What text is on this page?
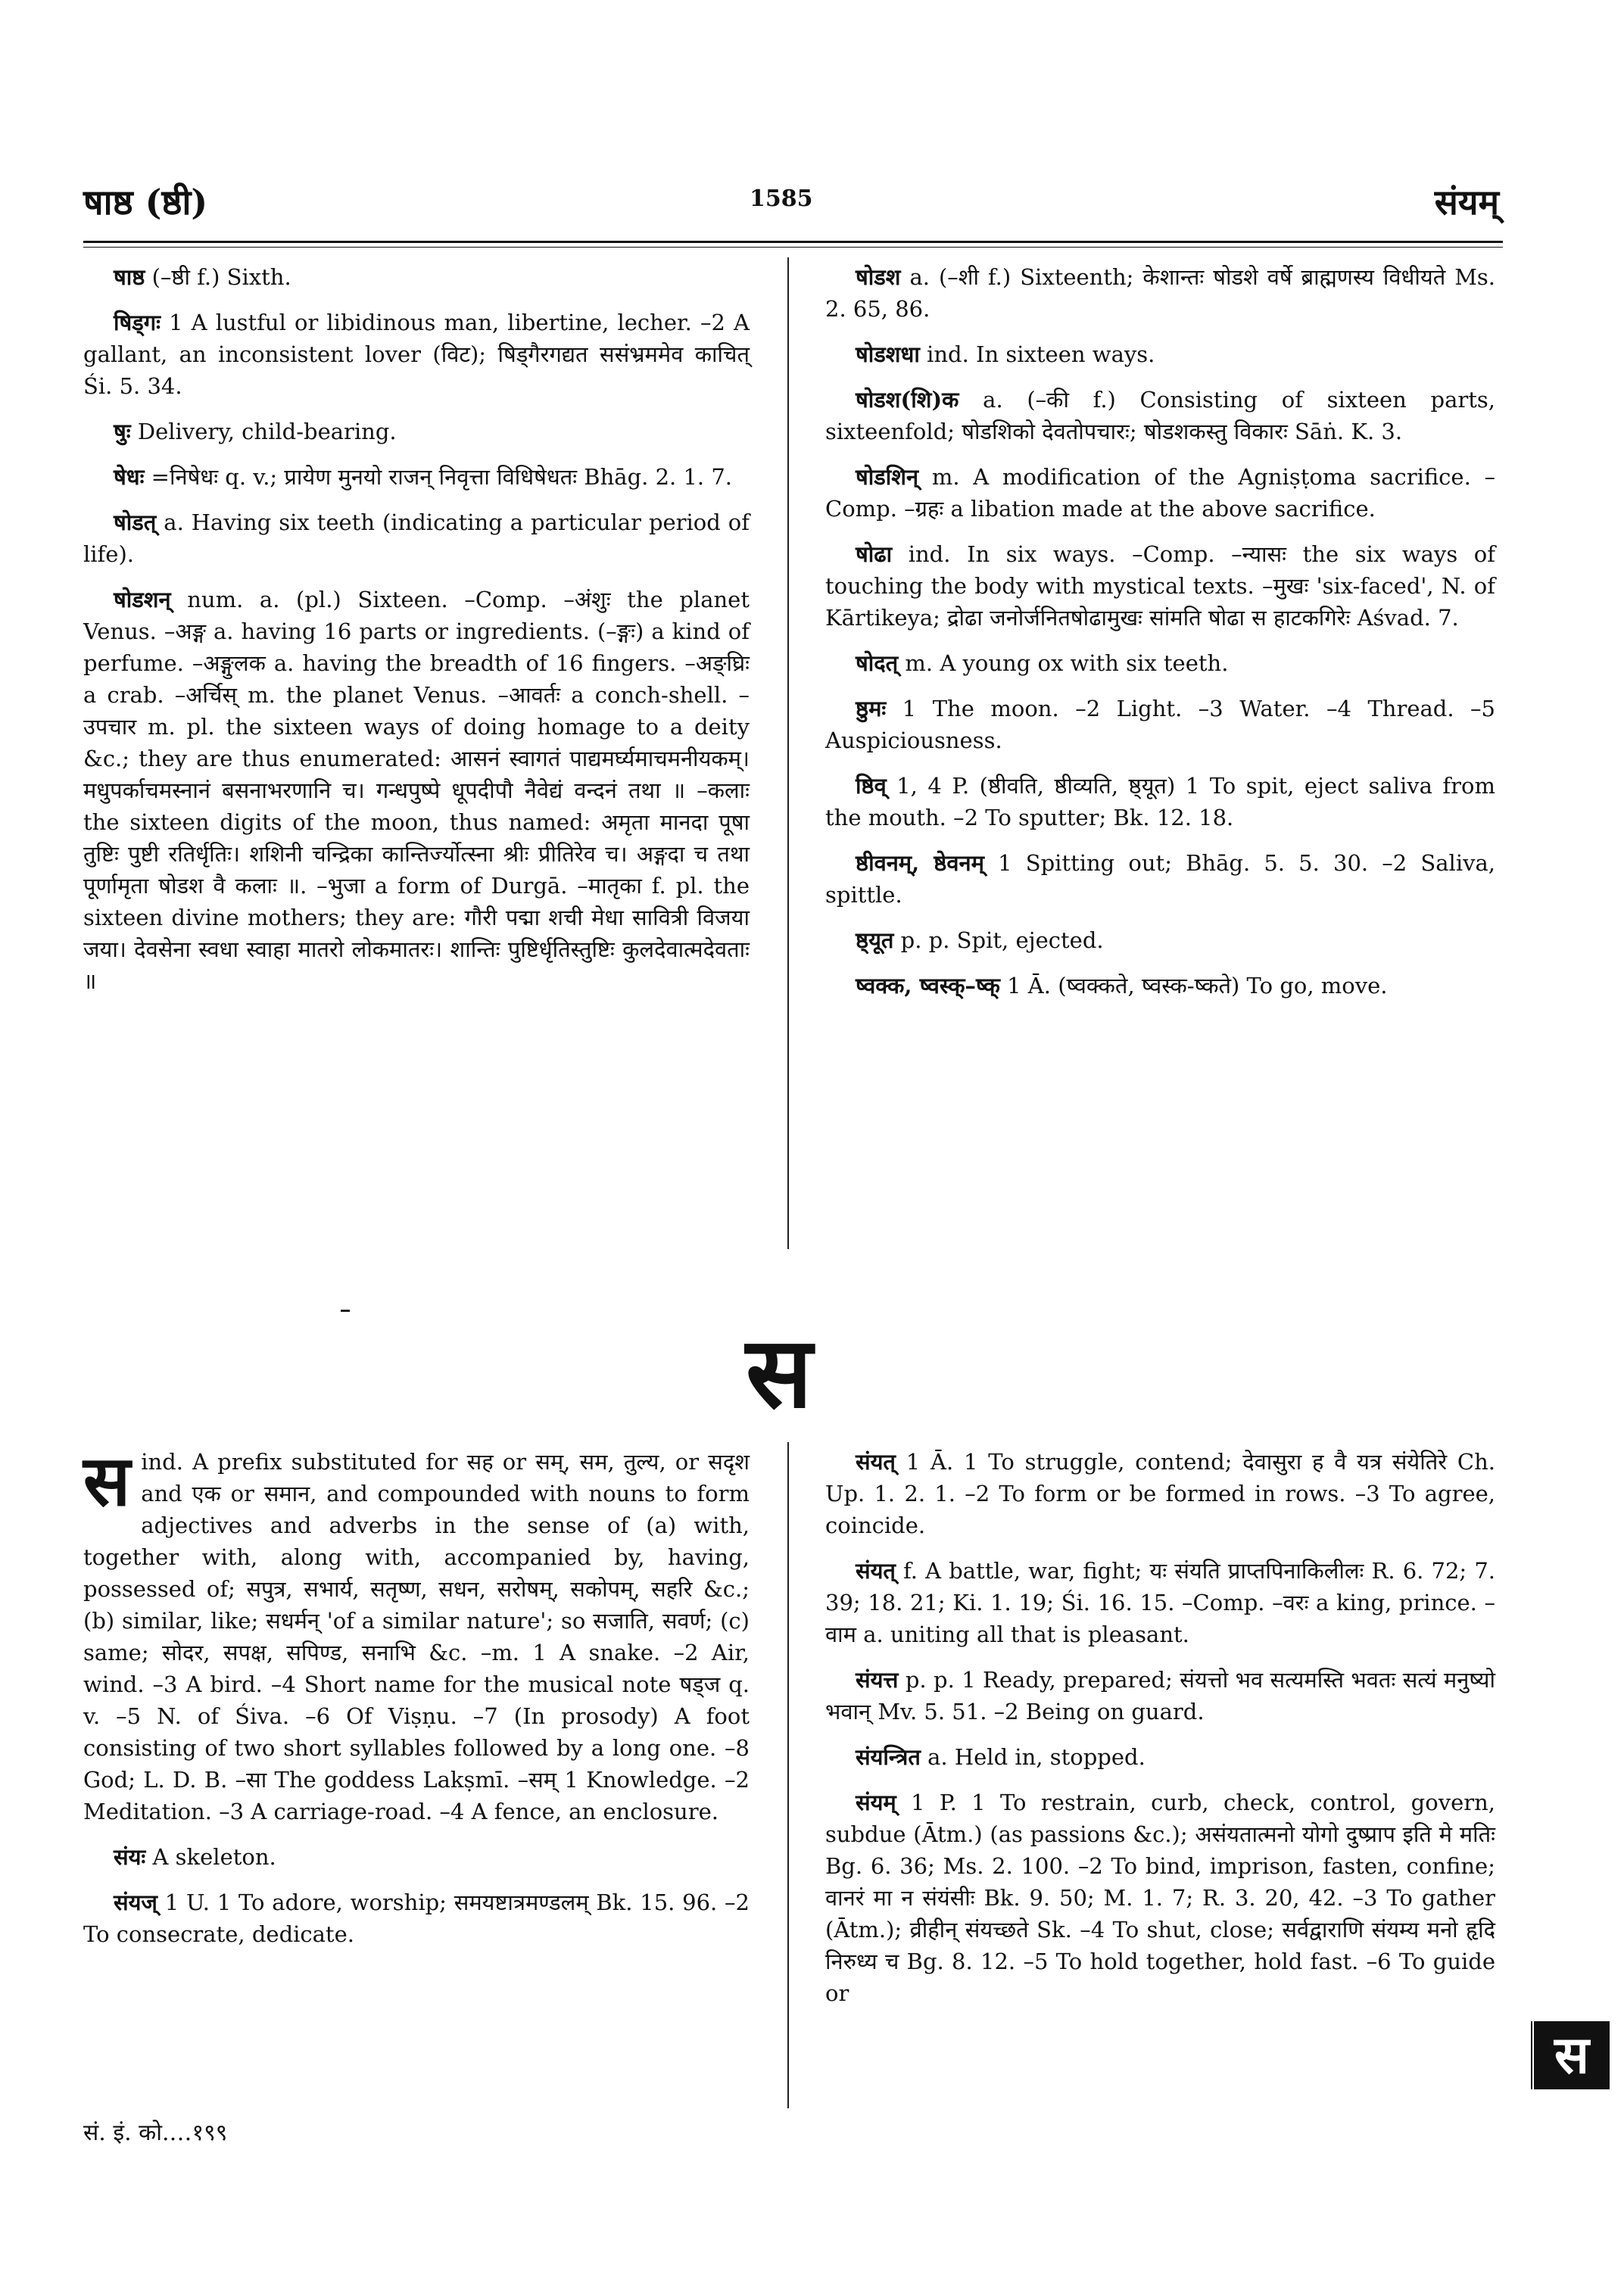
षाष्ठ (ष्ठी)	1585	संयम्

षाष्ठ (–ष्ठी f.) Sixth.

षिड्गः 1 A lustful or libidinous man, libertine, lecher. –2 A gallant, an inconsistent lover (विट); षिड्गैरगद्यत ससंभ्रममेव काचित् Śi. 5. 34.

षुः Delivery, child-bearing.

षेधः =निषेधः q. v.; प्रायेण मुनयो राजन् निवृत्ता विधिषेधतः Bhāg. 2. 1. 7.

षोडत् a. Having six teeth (indicating a particular period of life).

षोडशन् num. a. (pl.) Sixteen. –Comp. –अंशुः the planet Venus. –अङ्ग a. having 16 parts or ingredients. (–ङ्गः) a kind of perfume. –अङ्गुलक a. having the breadth of 16 fingers. –अङ्घ्रिः a crab. –अर्चिस् m. the planet Venus. –आवर्तः a conch-shell. –उपचार m. pl. the sixteen ways of doing homage to a deity &c.; they are thus enumerated: आसनं स्वागतं पाद्यमर्घ्यमाचमनीयकम्। मधुपर्काचमस्नानं बसनाभरणानि च। गन्धपुष्पे धूपदीपौ नैवेद्यं वन्दनं तथा ॥ –कलाः the sixteen digits of the moon, thus named: अमृता मानदा पूषा तुष्टिः पुष्टी रतिर्धृतिः। शशिनी चन्द्रिका कान्तिर्ज्योत्स्ना श्रीः प्रीतिरेव च। अङ्गदा च तथा पूर्णामृता षोडश वै कलाः ॥. –भुजा a form of Durgā. –मातृका f. pl. the sixteen divine mothers; they are: गौरी पद्मा शची मेधा सावित्री विजया जया। देवसेना स्वधा स्वाहा मातरो लोकमातरः। शान्तिः पुष्टिर्धृतिस्तुष्टिः कुलदेवात्मदेवताः ॥

षोडश a. (–शी f.) Sixteenth; केशान्तः षोडशे वर्षे ब्राह्मणस्य विधीयते Ms. 2. 65, 86.

षोडशधा ind. In sixteen ways.

षोडश(शि)क a. (–की f.) Consisting of sixteen parts, sixteenfold; षोडशिको देवतोपचारः; षोडशकस्तु विकारः Sāṅ. K. 3.

षोडशिन् m. A modification of the Agniṣṭoma sacrifice. –Comp. –ग्रहः a libation made at the above sacrifice.

षोढा ind. In six ways. –Comp. –न्यासः the six ways of touching the body with mystical texts. –मुखः 'six-faced', N. of Kārtikeya; द्रोढा जनोर्जनितषोढामुखः सांमति षोढा स हाटकगिरेः Aśvad. 7.

षोदत् m. A young ox with six teeth.

ष्ठुमः 1 The moon. –2 Light. –3 Water. –4 Thread. –5 Auspiciousness.

ष्ठिव् 1, 4 P. (ष्ठीवति, ष्ठीव्यति, ष्ठ्यूत) 1 To spit, eject saliva from the mouth. –2 To sputter; Bk. 12. 18.

ष्ठीवनम्, ष्ठेवनम् 1 Spitting out; Bhāg. 5. 5. 30. –2 Saliva, spittle.

ष्ठ्यूत p. p. Spit, ejected.

ष्वक्क, ष्वस्क्–ष्क् 1 Ā. (ष्वक्कते, ष्वस्क-ष्कते) To go, move.

स

स ind. A prefix substituted for सह or सम्, सम, तुल्य, or सदृश and एक or समान, and compounded with nouns to form adjectives and adverbs in the sense of (a) with, together with, along with, accompanied by, having, possessed of; सपुत्र, सभार्य, सतृष्ण, सधन, सरोषम्, सकोपम्, सहरि &c.; (b) similar, like; सधर्मन् 'of a similar nature'; so सजाति, सवर्ण; (c) same; सोदर, सपक्ष, सपिण्ड, सनाभि &c. –m. 1 A snake. –2 Air, wind. –3 A bird. –4 Short name for the musical note षड्ज q. v. –5 N. of Śiva. –6 Of Viṣṇu. –7 (In prosody) A foot consisting of two short syllables followed by a long one. –8 God; L. D. B. –सा The goddess Lakṣmī. –सम् 1 Knowledge. –2 Meditation. –3 A carriage-road. –4 A fence, an enclosure.

संयः A skeleton.

संयज् 1 U. 1 To adore, worship; समयष्टात्रमण्डलम् Bk. 15. 96. –2 To consecrate, dedicate.

संयत् 1 Ā. 1 To struggle, contend; देवासुरा ह वै यत्र संयेतिरे Ch. Up. 1. 2. 1. –2 To form or be formed in rows. –3 To agree, coincide.

संयत् f. A battle, war, fight; यः संयति प्राप्तपिनाकिलीलः R. 6. 72; 7. 39; 18. 21; Ki. 1. 19; Śi. 16. 15. –Comp. –वरः a king, prince. –वाम a. uniting all that is pleasant.

संयत्त p. p. 1 Ready, prepared; संयत्तो भव सत्यमस्ति भवतः सत्यं मनुष्यो भवान् Mv. 5. 51. –2 Being on guard.

संयन्त्रित a. Held in, stopped.

संयम् 1 P. 1 To restrain, curb, check, control, govern, subdue (Ātm.) (as passions &c.); असंयतात्मनो योगो दुष्प्राप इति मे मतिः Bg. 6. 36; Ms. 2. 100. –2 To bind, imprison, fasten, confine; वानरं मा न संयंसीः Bk. 9. 50; M. 1. 7; R. 3. 20, 42. –3 To gather (Ātm.); व्रीहीन् संयच्छते Sk. –4 To shut, close; सर्वद्वाराणि संयम्य मनो हृदि निरुध्य च Bg. 8. 12. –5 To hold together, hold fast. –6 To guide or

सं. इं. को.…१९९
स
